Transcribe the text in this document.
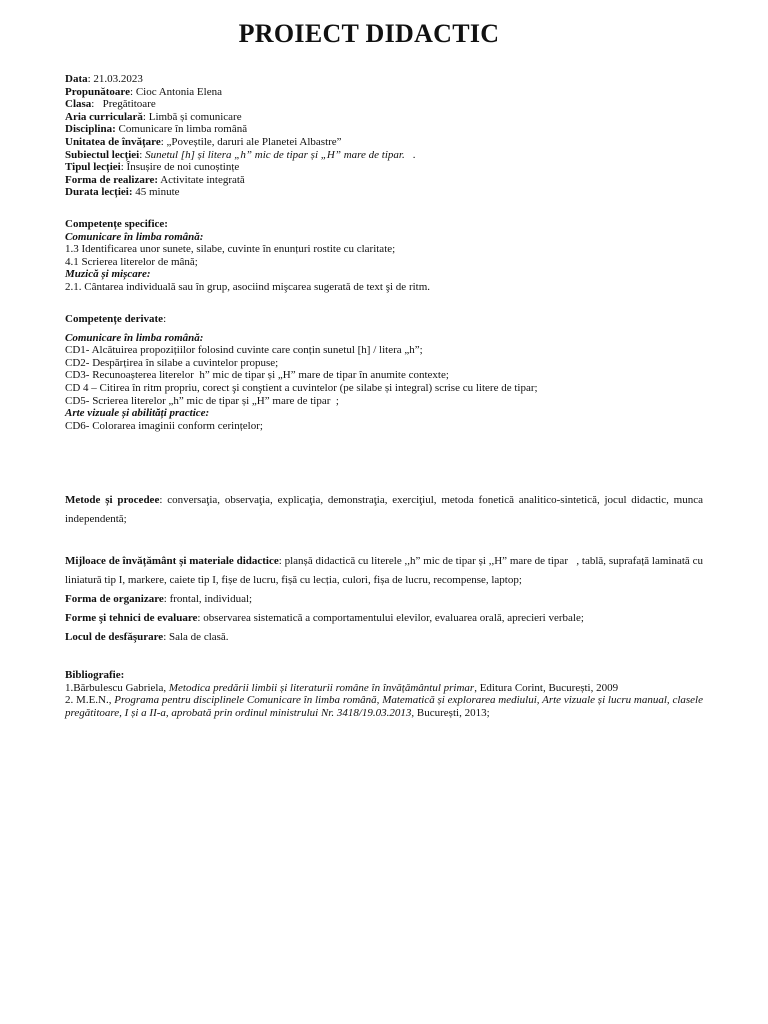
PROIECT DIDACTIC
Data: 21.03.2023
Propunătoare: Cioc Antonia Elena
Clasa:   Pregătitoare
Aria curriculară: Limbă și comunicare
Disciplina: Comunicare în limba română
Unitatea de învățare: „Poveștile, daruri ale Planetei Albastre”
Subiectul lecției: Sunetul [h] și litera „h” mic de tipar și „H” mare de tipar.   .
Tipul lecției: Însușire de noi cunoștințe
Forma de realizare: Activitate integrată
Durata lecției: 45 minute
Competențe specifice:
Comunicare în limba română:
1.3 Identificarea unor sunete, silabe, cuvinte în enunțuri rostite cu claritate;
4.1 Scrierea literelor de mână;
Muzică și mișcare:
2.1. Cântarea individuală sau în grup, asociind mişcarea sugerată de text şi de ritm.
Competențe derivate:
Comunicare în limba română:
CD1- Alcătuirea propozițiilor folosind cuvinte care conțin sunetul [h] / litera „h”;
CD2- Despărțirea în silabe a cuvintelor propuse;
CD3- Recunoașterea literelor  h” mic de tipar și „H” mare de tipar în anumite contexte;
CD 4 – Citirea în ritm propriu, corect şi conştient a cuvintelor (pe silabe și integral) scrise cu litere de tipar;
CD5- Scrierea literelor „h” mic de tipar și „H” mare de tipar  ;
Arte vizuale și abilități practice:
CD6- Colorarea imaginii conform cerințelor;
Metode și procedee: conversaţia, observaţia, explicaţia, demonstraţia, exerciţiul, metoda fonetică analitico-sintetică, jocul didactic, munca
independentă;
Mijloace de învățământ și materiale didactice: planșă didactică cu literele ,,h” mic de tipar și ,,H” mare de tipar   , tablă, suprafață laminată cu
liniatură tip I, markere, caiete tip I, fișe de lucru, fișă cu lecția, culori, fișa de lucru, recompense, laptop;
Forma de organizare: frontal, individual;
Forme şi tehnici de evaluare: observarea sistematică a comportamentului elevilor, evaluarea orală, aprecieri verbale;
Locul de desfăşurare: Sala de clasă.
Bibliografie:
1.Bărbulescu Gabriela, Metodica predării limbii și literaturii române în învățământul primar, Editura Corint, București, 2009
2. M.E.N., Programa pentru disciplinele Comunicare în limba română, Matematică și explorarea mediului, Arte vizuale și lucru manual, clasele
pregătitoare, I și a II-a, aprobată prin ordinul ministrului Nr. 3418/19.03.2013, București, 2013;
